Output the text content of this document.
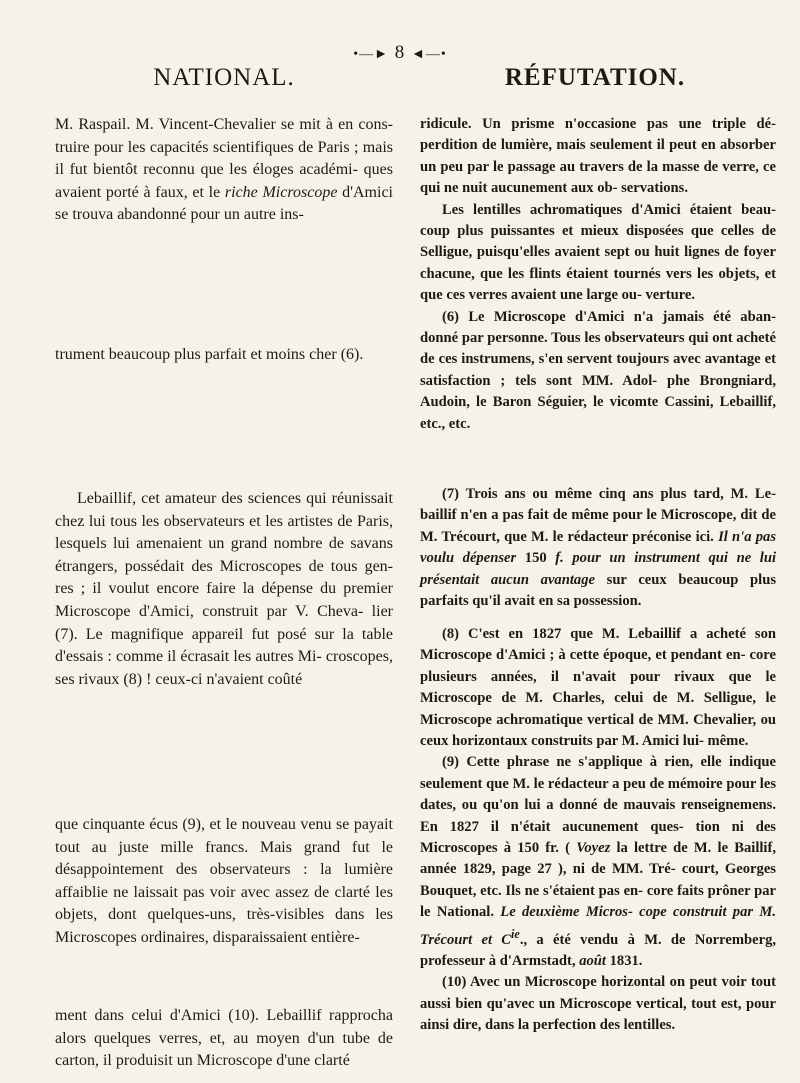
•—► 8 ◄—•
NATIONAL.	RÉFUTATION.

M. Raspail. M. Vincent-Chevalier se mit à en cons- truire pour les capacités scientifiques de Paris ; mais il fut bientôt reconnu que les éloges académi- ques avaient porté à faux, et le riche Microscope d'Amici se trouva abandonné pour un autre ins-

trument beaucoup plus parfait et moins cher (6).

Lebaillif, cet amateur des sciences qui réunissait chez lui tous les observateurs et les artistes de Paris, lesquels lui amenaient un grand nombre de savans étrangers, possédait des Microscopes de tous gen- res ; il voulut encore faire la dépense du premier Microscope d'Amici, construit par V. Cheva- lier (7). Le magnifique appareil fut posé sur la table d'essais : comme il écrasait les autres Mi- croscopes, ses rivaux (8) ! ceux-ci n'avaient coûté

que cinquante écus (9), et le nouveau venu se payait tout au juste mille francs. Mais grand fut le désappointement des observateurs : la lumière affaiblie ne laissait pas voir avec assez de clarté les objets, dont quelques-uns, très-visibles dans les Microscopes ordinaires, disparaissaient entière-

ment dans celui d'Amici (10). Lebaillif rapprocha alors quelques verres, et, au moyen d'un tube de carton, il produisit un Microscope d'une clarté

ridicule. Un prisme n'occasione pas une triple dé- perdition de lumière, mais seulement il peut en absorber un peu par le passage au travers de la masse de verre, ce qui ne nuit aucunement aux ob- servations.

Les lentilles achromatiques d'Amici étaient beau- coup plus puissantes et mieux disposées que celles de Selligue, puisqu'elles avaient sept ou huit lignes de foyer chacune, que les flints étaient tournés vers les objets, et que ces verres avaient une large ou- verture.

(6) Le Microscope d'Amici n'a jamais été aban- donné par personne. Tous les observateurs qui ont acheté de ces instrumens, s'en servent toujours avec avantage et satisfaction ; tels sont MM. Adol- phe Brongniard, Audoin, le Baron Séguier, le vicomte Cassini, Lebaillif, etc., etc.

(7) Trois ans ou même cinq ans plus tard, M. Le- baillif n'en a pas fait de même pour le Microscope, dit de M. Trécourt, que M. le rédacteur préconise ici. Il n'a pas voulu dépenser 150 f. pour un instrument qui ne lui présentait aucun avantage sur ceux beaucoup plus parfaits qu'il avait en sa possession.

(8) C'est en 1827 que M. Lebaillif a acheté son Microscope d'Amici ; à cette époque, et pendant en- core plusieurs années, il n'avait pour rivaux que le Microscope de M. Charles, celui de M. Selligue, le Microscope achromatique vertical de MM. Chevalier, ou ceux horizontaux construits par M. Amici lui- même.

(9) Cette phrase ne s'applique à rien, elle indique seulement que M. le rédacteur a peu de mémoire pour les dates, ou qu'on lui a donné de mauvais renseignemens. En 1827 il n'était aucunement ques- tion ni des Microscopes à 150 fr. ( Voyez la lettre de M. le Baillif, année 1829, page 27 ), ni de MM. Tré- court, Georges Bouquet, etc. Ils ne s'étaient pas en- core faits prôner par le National. Le deuxième Micros- cope construit par M. Trécourt et $C^{ie}$., a été vendu à M. de Norremberg, professeur à d'Armstadt, août 1831.

(10) Avec un Microscope horizontal on peut voir tout aussi bien qu'avec un Microscope vertical, tout est, pour ainsi dire, dans la perfection des lentilles.
